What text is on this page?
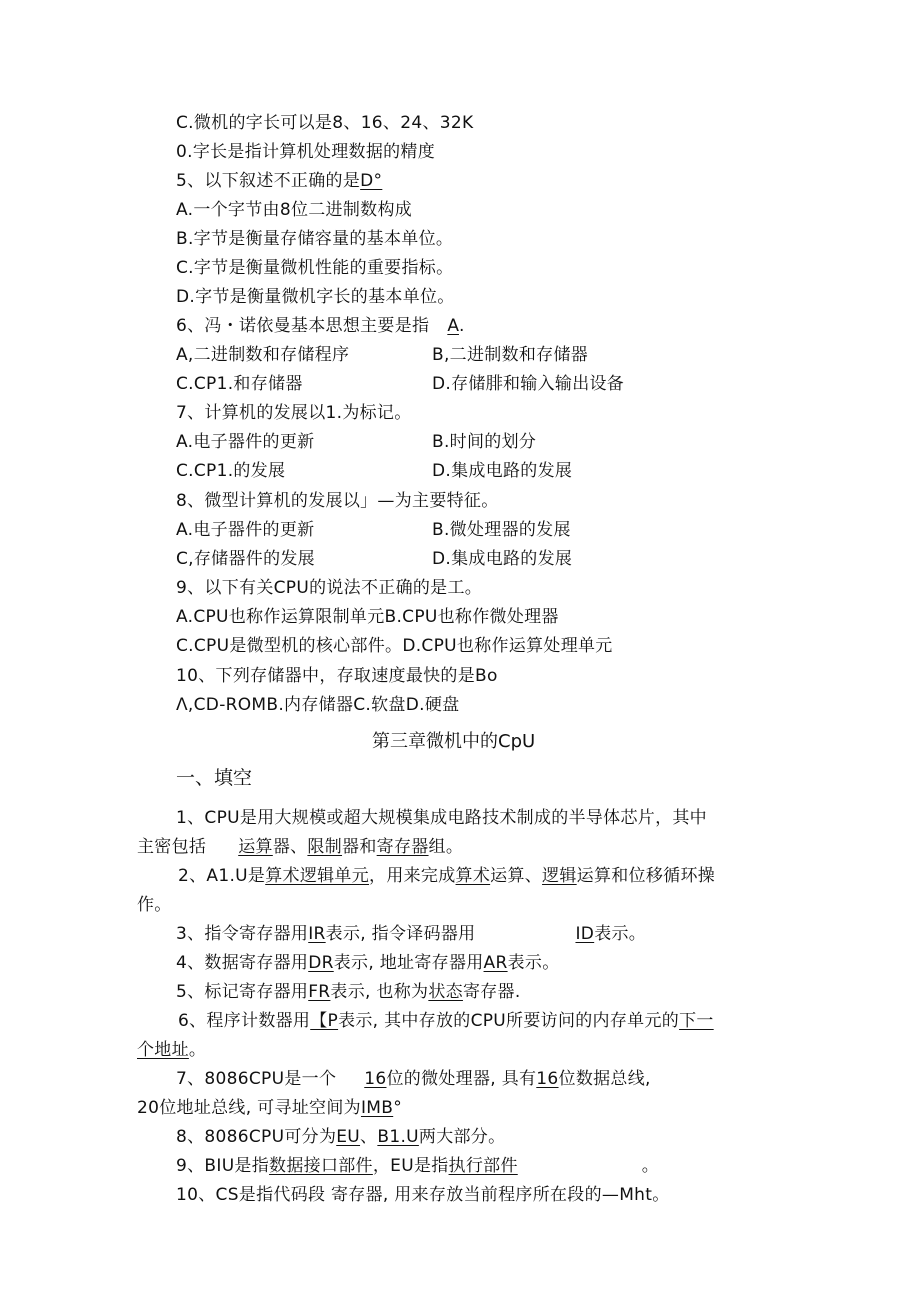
C.微机的字长可以是8、16、24、32K
0.字长是指计算机处理数据的精度
5、以下叙述不正确的是D°
A.一个字节由8位二进制数构成
B.字节是衡量存储容量的基本单位。
C.字节是衡量微机性能的重要指标。
D.字节是衡量微机字长的基本单位。
6、冯・诺依曼基本思想主要是指 A.
A,二进制数和存储程序	B,二进制数和存储器
C.CP1.和存储器	D.存储腓和输入输出设备
7、计算机的发展以1.为标记。
A.电子器件的更新	B.时间的划分
C.CP1.的发展	D.集成电路的发展
8、微型计算机的发展以」—为主要特征。
A.电子器件的更新	B.微处理器的发展
C,存储器件的发展	D.集成电路的发展
9、以下有关CPU的说法不正确的是工。
A.CPU也称作运算限制单元B.CPU也称作微处理器
C.CPU是微型机的核心部件。D.CPU也称作运算处理单元
10、下列存储器中，存取速度最快的是Bo
Λ,CD-ROMB.内存储器C.软盘D.硬盘
第三章微机中的CpU
一、填空
1、CPU是用大规模或超大规模集成电路技术制成的半导体芯片，其中
主密包括 运算器、限制器和寄存器组。
2、A1.U是算术逻辑单元，用来完成算术运算、逻辑运算和位移循环操
作。
3、指令寄存器用IR表示, 指令译码器用	ID表示。
4、数据寄存器用DR表示, 地址寄存器用AR表示。
5、标记寄存器用FR表示, 也称为状态寄存器.
6、程序计数器用【P表示, 其中存放的CPU所要访问的内存单元的下一
个地址。
7、8086CPU是一个 16位的微处理器, 具有16位数据总线,
20位地址总线, 可寻址空间为IMB°
8、8086CPU可分为EU、B1.U两大部分。
9、BIU是指数据接口部件，EU是指执行部件	。
10、CS是指代码段 寄存器, 用来存放当前程序所在段的—Mht。
